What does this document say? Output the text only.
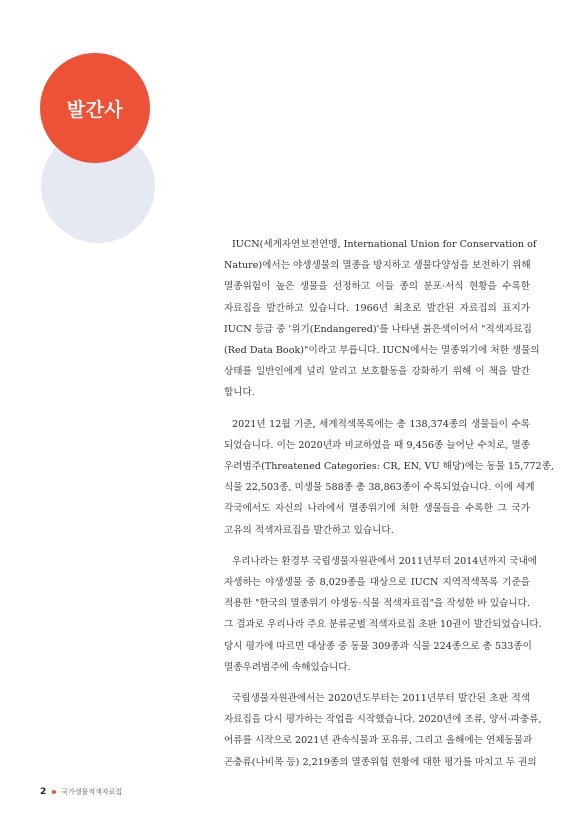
발간사

IUCN(세계자연보전연맹, International Union for Conservation of
Nature)에서는 야생생물의 멸종을 방지하고 생물다양성을 보전하기 위해
멸종위험이 높은 생물을 선정하고 이들 종의 분포·서식 현황을 수록한
자료집을 발간하고 있습니다. 1966년 최초로 발간된 자료집의 표지가
IUCN 등급 중 '위기(Endangered)'를 나타낸 붉은색이어서 "적색자료집
(Red Data Book)"이라고 부릅니다. IUCN에서는 멸종위기에 처한 생물의
상태를 일반인에게 널리 알리고 보호활동을 강화하기 위해 이 책을 발간
합니다.

2021년 12월 기준, 세계적색목록에는 총 138,374종의 생물들이 수록
되었습니다. 이는 2020년과 비교하였을 때 9,456종 늘어난 수치로, 멸종
우려범주(Threatened Categories: CR, EN, VU 해당)에는 동물 15,772종,
식물 22,503종, 미생물 588종 총 38,863종이 수록되었습니다. 이에 세계
각국에서도 자신의 나라에서 멸종위기에 처한 생물들을 수록한 그 국가
고유의 적색자료집을 발간하고 있습니다.

우리나라는 환경부 국립생물자원관에서 2011년부터 2014년까지 국내에
자생하는 야생생물 중 8,029종을 대상으로 IUCN 지역적색목록 기준을
적용한 "한국의 멸종위기 야생동·식물 적색자료집"을 작성한 바 있습니다.
그 결과로 우리나라 주요 분류군별 적색자료집 초판 10권이 발간되었습니다.
당시 평가에 따르면 대상종 중 동물 309종과 식물 224종으로 총 533종이
멸종우려범주에 속해있습니다.

국립생물자원관에서는 2020년도부터는 2011년부터 발간된 초판 적색
자료집을 다시 평가하는 작업을 시작했습니다. 2020년에 조류, 양서·파충류,
어류를 시작으로 2021년 관속식물과 포유류, 그리고 올해에는 연체동물과
곤충류(나비목 등) 2,219종의 멸종위험 현황에 대한 평가를 마치고 두 권의

2 국가생물적색자료집
